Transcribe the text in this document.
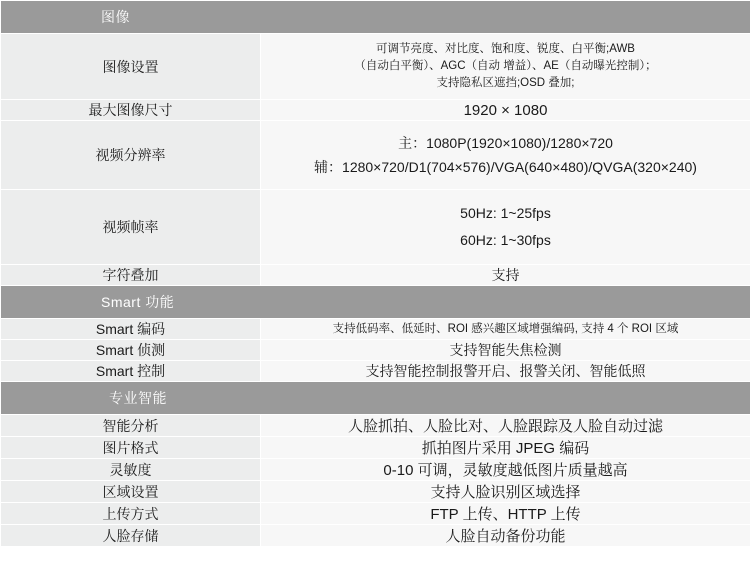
图像	
图像设置	可调节亮度、对比度、饱和度、锐度、白平衡;AWB
（自动白平衡）、AGC（自动 增益）、AE（自动曝光控制）；
支持隐私区遮挡;OSD 叠加;

最大图像尺寸	1920 × 1080
视频分辨率	主：1080P(1920×1080)/1280×720
辅：1280×720/D1(704×576)/VGA(640×480)/QVGA(320×240)

视频帧率	50Hz: 1~25fps
60Hz: 1~30fps

字符叠加	支持
Smart 功能	
Smart 编码	支持低码率、低延时、ROI 感兴趣区域增强编码, 支持 4 个 ROI 区域
Smart 侦测	支持智能失焦检测
Smart 控制	支持智能控制报警开启、报警关闭、智能低照
专业智能	
智能分析	人脸抓拍、人脸比对、人脸跟踪及人脸自动过滤
图片格式	抓拍图片采用 JPEG 编码
灵敏度	0-10 可调，灵敏度越低图片质量越高
区域设置	支持人脸识别区域选择
上传方式	FTP 上传、HTTP 上传
人脸存储	人脸自动备份功能
